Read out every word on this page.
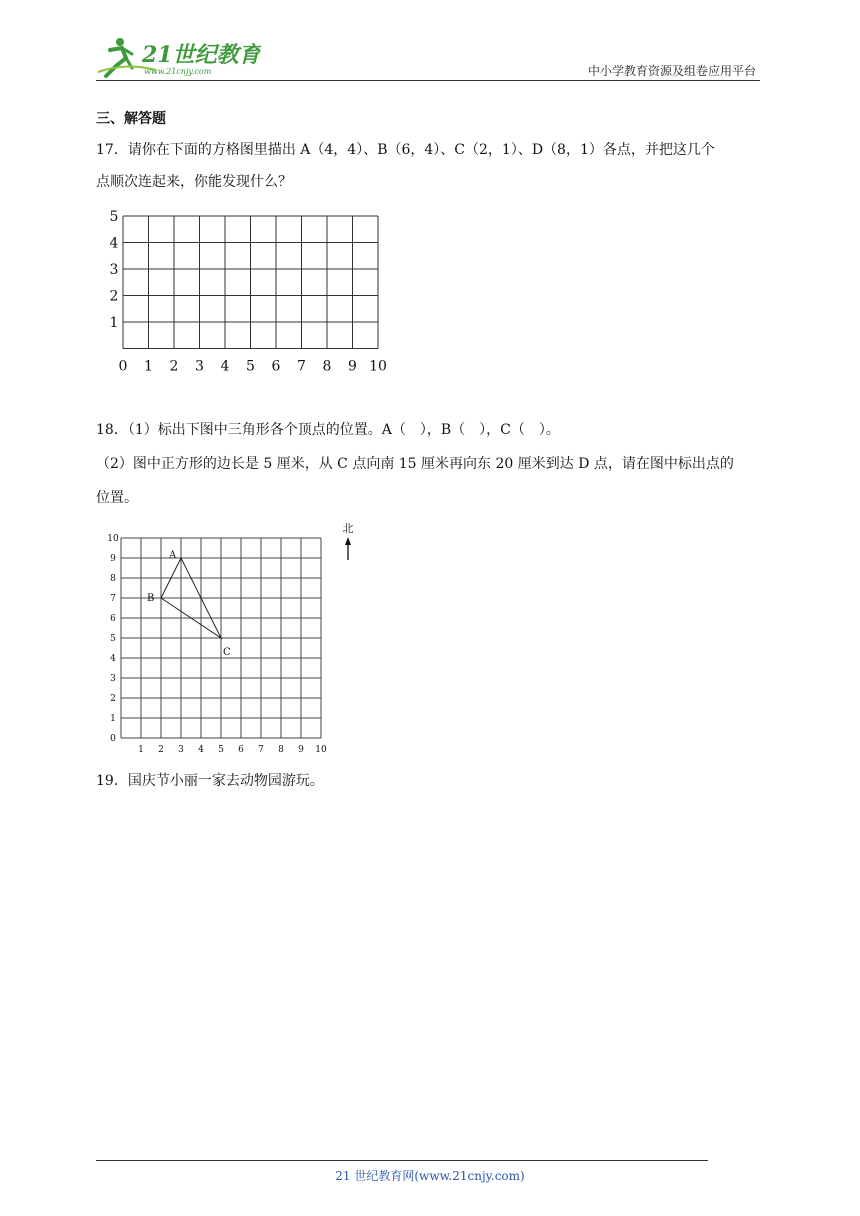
21世纪教育
www.21cnjy.com	中小学教育资源及组卷应用平台
三、解答题
17．请你在下面的方格图里描出 A（4，4）、B（6，4）、C（2，1）、D（8，1）各点，并把这几个
点顺次连起来，你能发现什么？
0 1 2 3 4 5 6 7 8 9 10
1
2
3
4
5
18．（1）标出下图中三角形各个顶点的位置。A（　），B（　），C（　）。
（2）图中正方形的边长是 5 厘米，从 C 点向南 15 厘米再向东 20 厘米到达 D 点，请在图中标出点的
位置。
1 2 3 4 5 6 7 8 9 10
0
1
2
3
4
5
6
7
8
9
10
A
B
C
北
19．国庆节小丽一家去动物园游玩。
21 世纪教育网(www.21cnjy.com)
